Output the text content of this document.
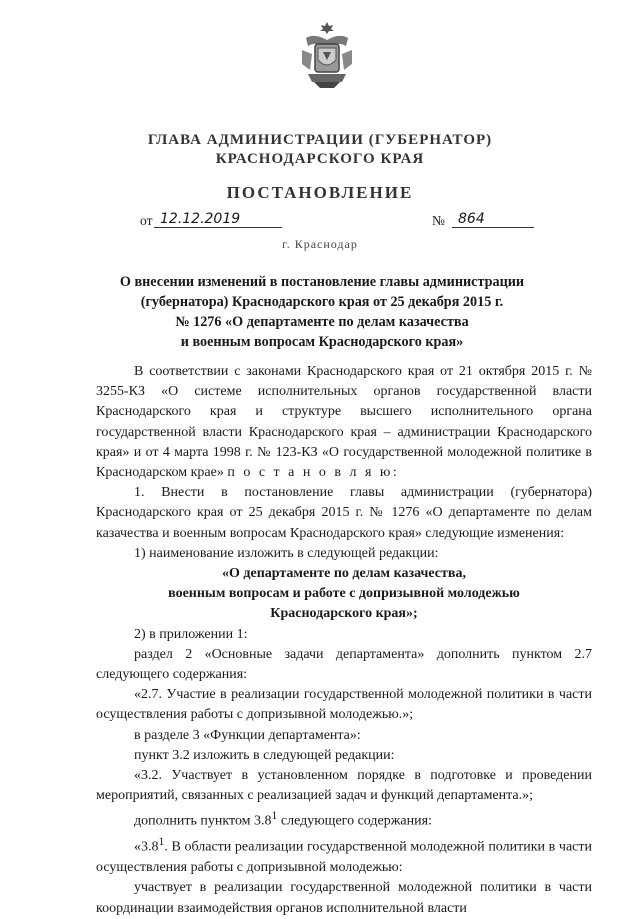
ГЛАВА АДМИНИСТРАЦИИ (ГУБЕРНАТОР)
КРАСНОДАРСКОГО КРАЯ
ПОСТАНОВЛЕНИЕ
от 12.12.2019	№ 864
г. Краснодар
О внесении изменений в постановление главы администрации
(губернатора) Краснодарского края от 25 декабря 2015 г.
№ 1276 «О департаменте по делам казачества
и военным вопросам Краснодарского края»

В соответствии с законами Краснодарского края от 21 октября 2015 г. № 3255-КЗ «О системе исполнительных органов государственной власти Краснодарского края и структуре высшего исполнительного органа государственной власти Краснодарского края – администрации Краснодарского края» и от 4 марта 1998 г. № 123-КЗ «О государственной молодежной политике в Краснодарском крае» п о с т а н о в л я ю:

1. Внести в постановление главы администрации (губернатора) Краснодарского края от 25 декабря 2015 г. № 1276 «О департаменте по делам казачества и военным вопросам Краснодарского края» следующие изменения:

1) наименование изложить в следующей редакции:

«О департаменте по делам казачества,

военным вопросам и работе с допризывной молодежью

Краснодарского края»;

2) в приложении 1:

раздел 2 «Основные задачи департамента» дополнить пунктом 2.7 следующего содержания:

«2.7. Участие в реализации государственной молодежной политики в части осуществления работы с допризывной молодежью.»;

в разделе 3 «Функции департамента»:

пункт 3.2 изложить в следующей редакции:

«3.2. Участвует в установленном порядке в подготовке и проведении мероприятий, связанных с реализацией задач и функций департамента.»;

дополнить пунктом $3.8^1$ следующего содержания:

«$3.8^1$. В области реализации государственной молодежной политики в части осуществления работы с допризывной молодежью:

участвует в реализации государственной молодежной политики в части координации взаимодействия органов исполнительной власти
